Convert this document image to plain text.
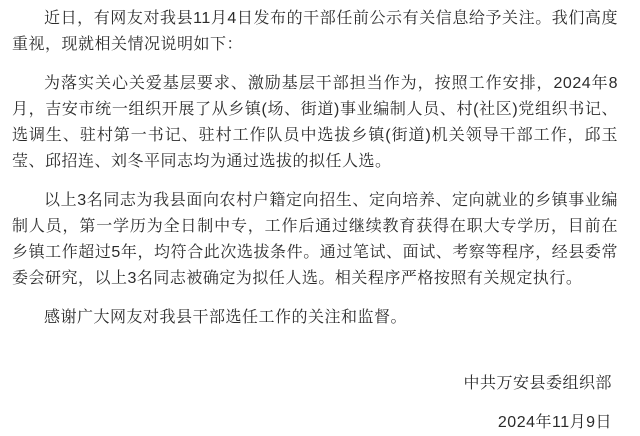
近日，有网友对我县11月4日发布的干部任前公示有关信息给予关注。我们高度重视，现就相关情况说明如下：

为落实关心关爱基层要求、激励基层干部担当作为，按照工作安排，2024年8月，吉安市统一组织开展了从乡镇(场、街道)事业编制人员、村(社区)党组织书记、选调生、驻村第一书记、驻村工作队员中选拔乡镇(街道)机关领导干部工作，邱玉莹、邱招连、刘冬平同志均为通过选拔的拟任人选。

以上3名同志为我县面向农村户籍定向招生、定向培养、定向就业的乡镇事业编制人员，第一学历为全日制中专，工作后通过继续教育获得在职大专学历，目前在乡镇工作超过5年，均符合此次选拔条件。通过笔试、面试、考察等程序，经县委常委会研究，以上3名同志被确定为拟任人选。相关程序严格按照有关规定执行。

感谢广大网友对我县干部选任工作的关注和监督。

中共万安县委组织部
2024年11月9日
